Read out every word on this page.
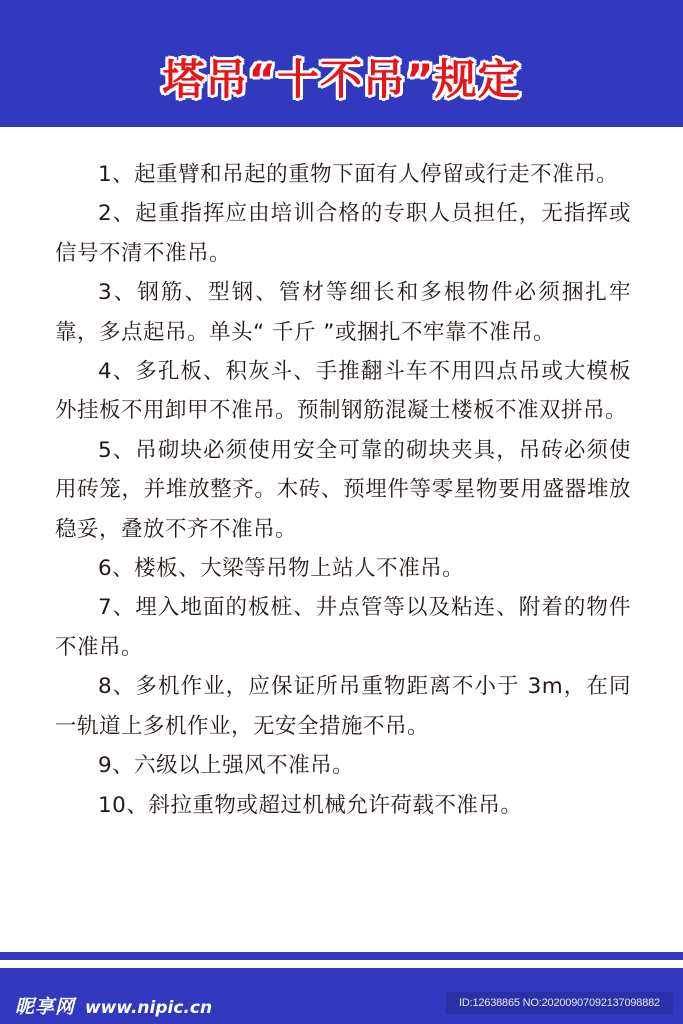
塔吊“十不吊”规定

1、起重臂和吊起的重物下面有人停留或行走不准吊。

2、起重指挥应由培训合格的专职人员担任，无指挥或信号不清不准吊。

3、钢筋、型钢、管材等细长和多根物件必须捆扎牢靠，多点起吊。单头“ 千斤 ”或捆扎不牢靠不准吊。

4、多孔板、积灰斗、手推翻斗车不用四点吊或大模板外挂板不用卸甲不准吊。预制钢筋混凝土楼板不准双拼吊。

5、吊砌块必须使用安全可靠的砌块夹具，吊砖必须使用砖笼，并堆放整齐。木砖、预埋件等零星物要用盛器堆放稳妥，叠放不齐不准吊。

6、楼板、大梁等吊物上站人不准吊。

7、埋入地面的板桩、井点管等以及粘连、附着的物件不准吊。

8、多机作业，应保证所吊重物距离不小于 3m，在同一轨道上多机作业，无安全措施不吊。

9、六级以上强风不准吊。

10、斜拉重物或超过机械允许荷载不准吊。

昵享网 www.nipic.cn	ID:12638865 NO:20200907092137098882
